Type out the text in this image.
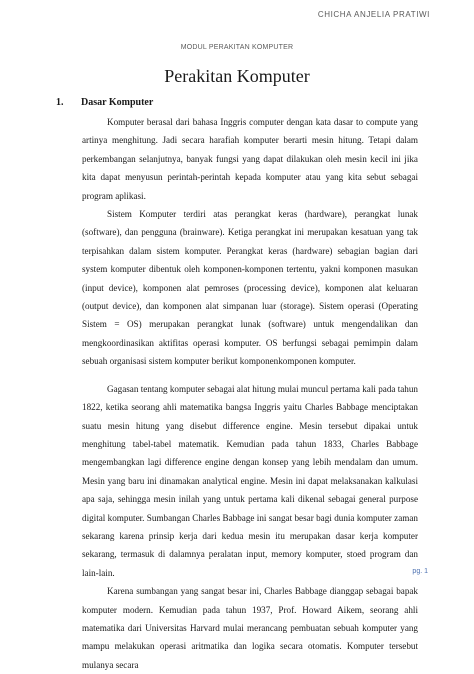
CHICHA ANJELIA PRATIWI
MODUL PERAKITAN KOMPUTER
Perakitan Komputer
1. Dasar Komputer

Komputer berasal dari bahasa Inggris computer dengan kata dasar to compute yang artinya menghitung. Jadi secara harafiah komputer berarti mesin hitung. Tetapi dalam perkembangan selanjutnya, banyak fungsi yang dapat dilakukan oleh mesin kecil ini jika kita dapat menyusun perintah-perintah kepada komputer atau yang kita sebut sebagai program aplikasi.

Sistem Komputer terdiri atas perangkat keras (hardware), perangkat lunak (software), dan pengguna (brainware). Ketiga perangkat ini merupakan kesatuan yang tak terpisahkan dalam sistem komputer. Perangkat keras (hardware) sebagian bagian dari system komputer dibentuk oleh komponen-komponen tertentu, yakni komponen masukan (input device), komponen alat pemroses (processing device), komponen alat keluaran (output device), dan komponen alat simpanan luar (storage). Sistem operasi (Operating Sistem = OS) merupakan perangkat lunak (software) untuk mengendalikan dan mengkoordinasikan aktifitas operasi komputer. OS berfungsi sebagai pemimpin dalam sebuah organisasi sistem komputer berikut komponenkomponen komputer.

Gagasan tentang komputer sebagai alat hitung mulai muncul pertama kali pada tahun 1822, ketika seorang ahli matematika bangsa Inggris yaitu Charles Babbage menciptakan suatu mesin hitung yang disebut difference engine. Mesin tersebut dipakai untuk menghitung tabel-tabel matematik. Kemudian pada tahun 1833, Charles Babbage mengembangkan lagi difference engine dengan konsep yang lebih mendalam dan umum. Mesin yang baru ini dinamakan analytical engine. Mesin ini dapat melaksanakan kalkulasi apa saja, sehingga mesin inilah yang untuk pertama kali dikenal sebagai general purpose digital komputer. Sumbangan Charles Babbage ini sangat besar bagi dunia komputer zaman sekarang karena prinsip kerja dari kedua mesin itu merupakan dasar kerja komputer sekarang, termasuk di dalamnya peralatan input, memory komputer, stoed program dan lain-lain.

Karena sumbangan yang sangat besar ini, Charles Babbage dianggap sebagai bapak komputer modern. Kemudian pada tahun 1937, Prof. Howard Aikem, seorang ahli matematika dari Universitas Harvard mulai merancang pembuatan sebuah komputer yang mampu melakukan operasi aritmatika dan logika secara otomatis. Komputer tersebut mulanya secara

pg. 1
